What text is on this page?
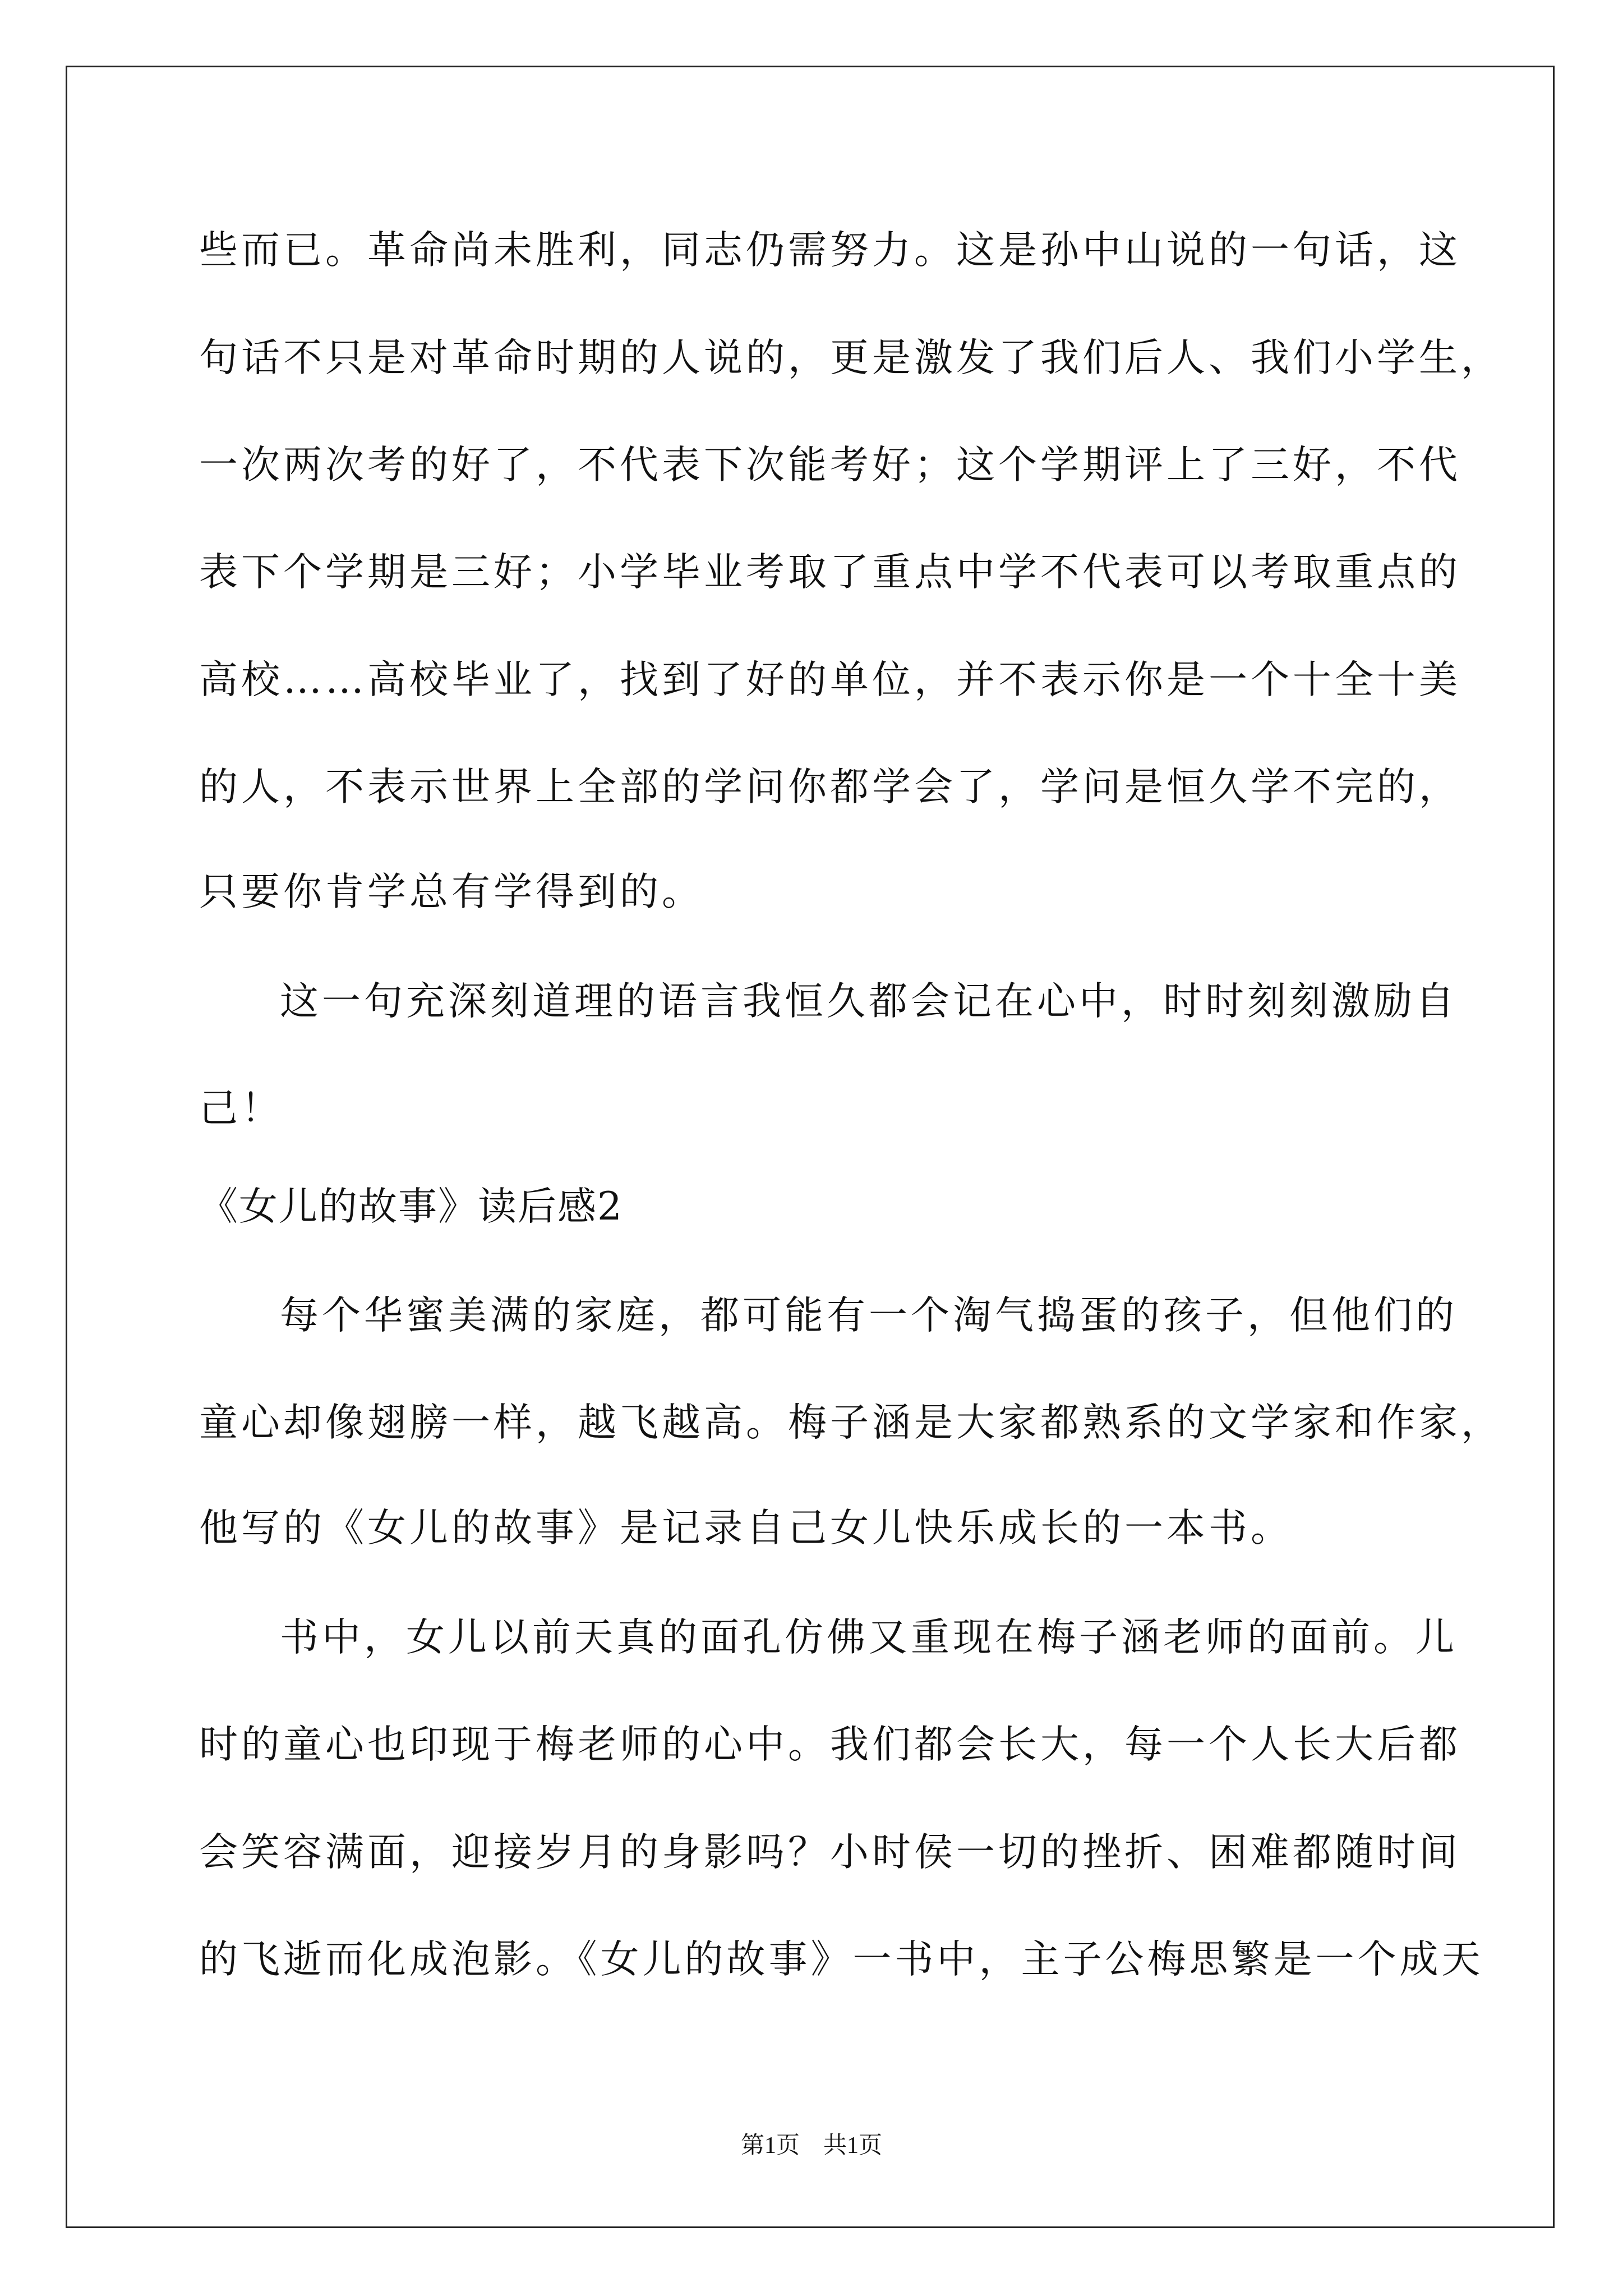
些而已。革命尚未胜利，同志仍需努力。这是孙中山说的一句话，这
句话不只是对革命时期的人说的，更是激发了我们后人、我们小学生，
一次两次考的好了，不代表下次能考好；这个学期评上了三好，不代
表下个学期是三好；小学毕业考取了重点中学不代表可以考取重点的
高校……高校毕业了，找到了好的单位，并不表示你是一个十全十美
的人，不表示世界上全部的学问你都学会了，学问是恒久学不完的，
只要你肯学总有学得到的。
这一句充深刻道理的语言我恒久都会记在心中，时时刻刻激励自
己！
《女儿的故事》读后感2
每个华蜜美满的家庭，都可能有一个淘气捣蛋的孩子，但他们的
童心却像翅膀一样，越飞越高。梅子涵是大家都熟系的文学家和作家，
他写的《女儿的故事》是记录自己女儿快乐成长的一本书。
书中，女儿以前天真的面孔仿佛又重现在梅子涵老师的面前。儿
时的童心也印现于梅老师的心中。我们都会长大，每一个人长大后都
会笑容满面，迎接岁月的身影吗？小时侯一切的挫折、困难都随时间
的飞逝而化成泡影。《女儿的故事》一书中，主子公梅思繁是一个成天
第1页    共1页
